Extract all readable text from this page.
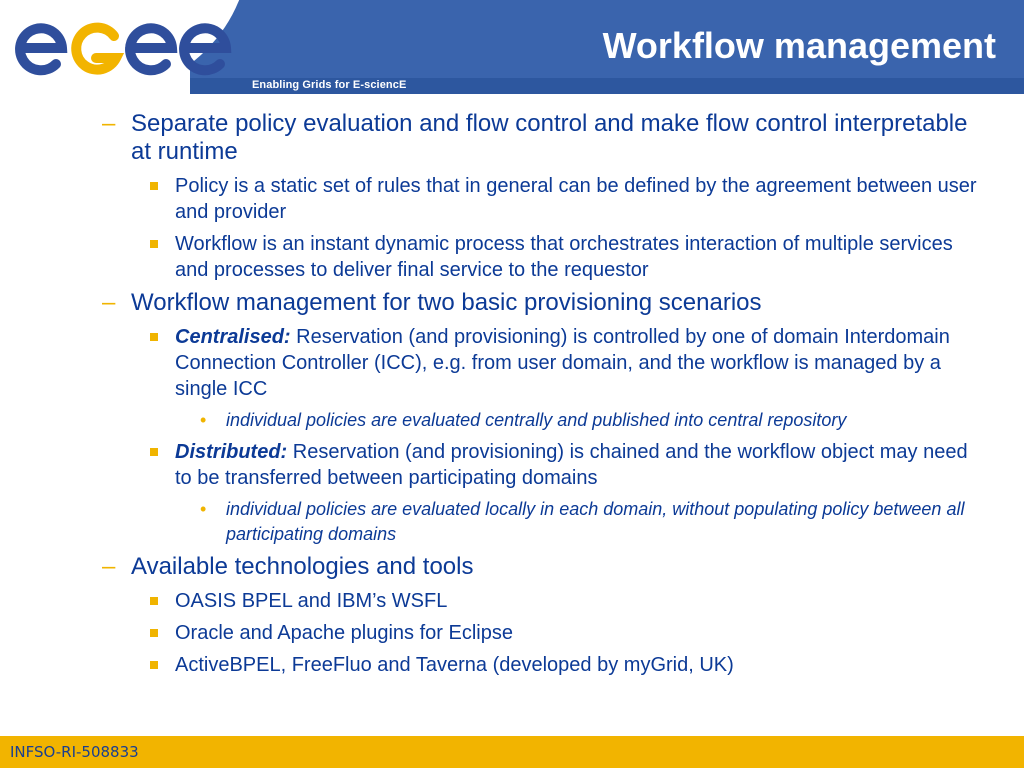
Enabling Grids for E-sciencE
Workflow management
– Separate policy evaluation and flow control and make flow control interpretable at runtime
Policy is a static set of rules that in general can be defined by the agreement between user and provider
Workflow is an instant dynamic process that orchestrates interaction of multiple services and processes to deliver final service to the requestor
– Workflow management for two basic provisioning scenarios
Centralised: Reservation (and provisioning) is controlled by one of domain Interdomain Connection Controller (ICC), e.g. from user domain, and the workflow is managed by a single ICC
• individual policies are evaluated centrally and published into central repository
Distributed: Reservation (and provisioning) is chained and the workflow object may need to be transferred between participating domains
• individual policies are evaluated locally in each domain, without populating policy between all participating domains
– Available technologies and tools
OASIS BPEL and IBM’s WSFL
Oracle and Apache plugins for Eclipse
ActiveBPEL, FreeFluo and Taverna (developed by myGrid, UK)
INFSO-RI-508833
